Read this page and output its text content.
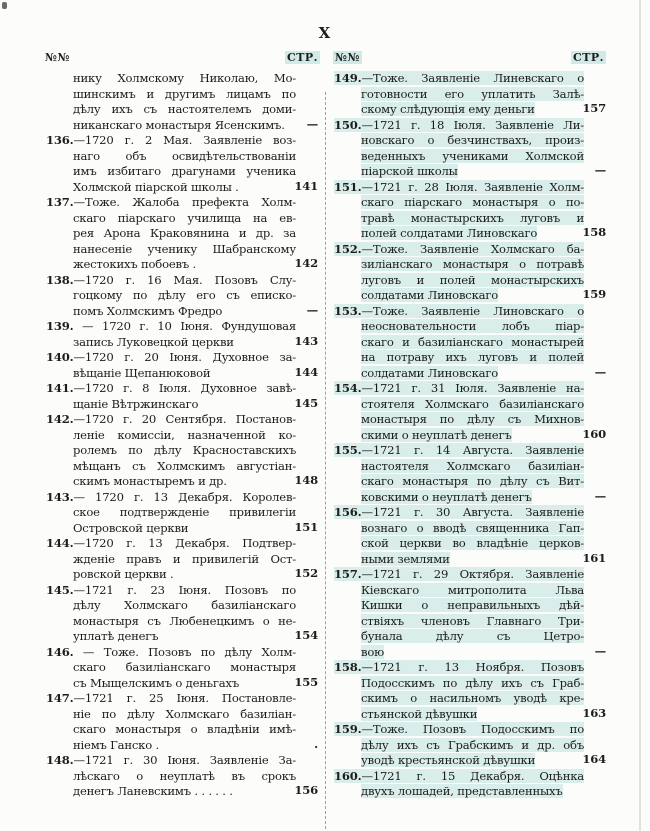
X
№№	СТР. №№	СТР.
нику Холмскому Николаю, Мо-
шинскимъ и другимъ лицамъ по
дѣлу ихъ съ настоятелемъ доми-
никанскаго монастыря Ясенскимъ.	—
136.—1720 г. 2 Мая. Заявленіе воз-
наго объ освидѣтельствованіи
имъ избитаго драгунами ученика
Холмской піарской школы .	141
137.—Тоже. Жалоба префекта Холм-
скаго піарскаго училища на ев-
рея Арона Краковянина и др. за
нанесеніе ученику Шабранскому
жестокихъ побоевъ .	142
138.—1720 г. 16 Мая. Позовъ Слу-
гоцкому по дѣлу его съ еписко-
помъ Холмскимъ Фредро	—
139. — 1720 г. 10 Іюня. Фундушовая
запись Луковецкой церкви	143
140.—1720 г. 20 Іюня. Духовное за-
вѣщаніе Щепанюковой	144
141.—1720 г. 8 Іюля. Духовное завѣ-
щаніе Вѣтржинскаго	145
142.—1720 г. 20 Сентября. Постанов-
леніе комиссіи, назначенной ко-
ролемъ по дѣлу Красноставскихъ
мѣщанъ съ Холмскимъ августіан-
скимъ монастыремъ и др.	148
143.— 1720 г. 13 Декабря. Королев-
ское подтвержденіе привилегіи
Островской церкви	151
144.—1720 г. 13 Декабря. Подтвер-
жденіе правъ и привилегій Ост-
ровской церкви .	152
145.—1721 г. 23 Іюня. Позовъ по
дѣлу Холмскаго базиліанскаго
монастыря съ Любенецкимъ о не-
уплатѣ денегъ	154
146. — Тоже. Позовъ по дѣлу Холм-
скаго базиліанскаго монастыря
съ Мыщелскимъ о деньгахъ	155
147.—1721 г. 25 Іюня. Постановле-
ніе по дѣлу Холмскаго базиліан-
скаго монастыря о владѣніи имѣ-
ніемъ Ганско .	.
148.—1721 г. 30 Іюня. Заявленіе За-
лѣскаго о неуплатѣ въ срокъ
денегъ Ланевскимъ . . . . . .	156
149.—Тоже. Заявленіе Линевскаго о
готовности его уплатить Залѣ-
скому слѣдующія ему деньги	157
150.—1721 г. 18 Іюля. Заявленіе Ли-
новскаго о безчинствахъ, произ-
веденныхъ учениками Холмской
піарской школы	—
151.—1721 г. 28 Іюля. Заявленіе Холм-
скаго піарскаго монастыря о по-
травѣ монастырскихъ луговъ и
полей солдатами Линовскаго	158
152.—Тоже. Заявленіе Холмскаго ба-
зиліанскаго монастыря о потравѣ
луговъ и полей монастырскихъ
солдатами Линовскаго	159
153.—Тоже. Заявленіе Линовскаго о
неосновательности лобъ піар-
скаго и базиліанскаго монастырей
на потраву ихъ луговъ и полей
солдатами Линовскаго	—
154.—1721 г. 31 Іюля. Заявленіе на-
стоятеля Холмскаго базиліанскаго
монастыря по дѣлу съ Михнов-
скими о неуплатѣ денегъ	160
155.—1721 г. 14 Августа. Заявленіе
настоятеля Холмскаго базиліан-
скаго монастыря по дѣлу съ Вит-
ковскими о неуплатѣ денегъ	—
156.—1721 г. 30 Августа. Заявленіе
вознаго о вводѣ священника Гап-
ской церкви во владѣніе церков-
ными землями	161
157.—1721 г. 29 Октября. Заявленіе
Кіевскаго митрополита Льва
Кишки о неправильныхъ дѣй-
ствіяхъ членовъ Главнаго Три-
бунала дѣлу съ Цетро-
вою	—
158.—1721 г. 13 Ноября. Позовъ
Подосскимъ по дѣлу ихъ съ Граб-
скимъ о насильномъ уводѣ кре-
стьянской дѣвушки	163
159.—Тоже. Позовъ Подосскимъ по
дѣлу ихъ съ Грабскимъ и др. объ
уводѣ крестьянской дѣвушки	164
160.—1721 г. 15 Декабря. Оцѣнка
двухъ лошадей, представленныхъ
